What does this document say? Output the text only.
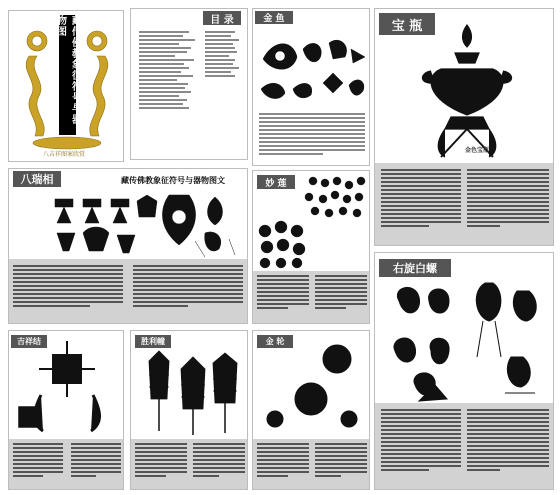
藏传佛教象征符号与器物图
八吉祥图案欣赏
目 录	金 鱼	宝 瓶
金色宝瓶
八瑞相	藏传佛教象征符号与器物图文	妙 莲
右旋白螺
吉祥结	胜利幢	金 轮
